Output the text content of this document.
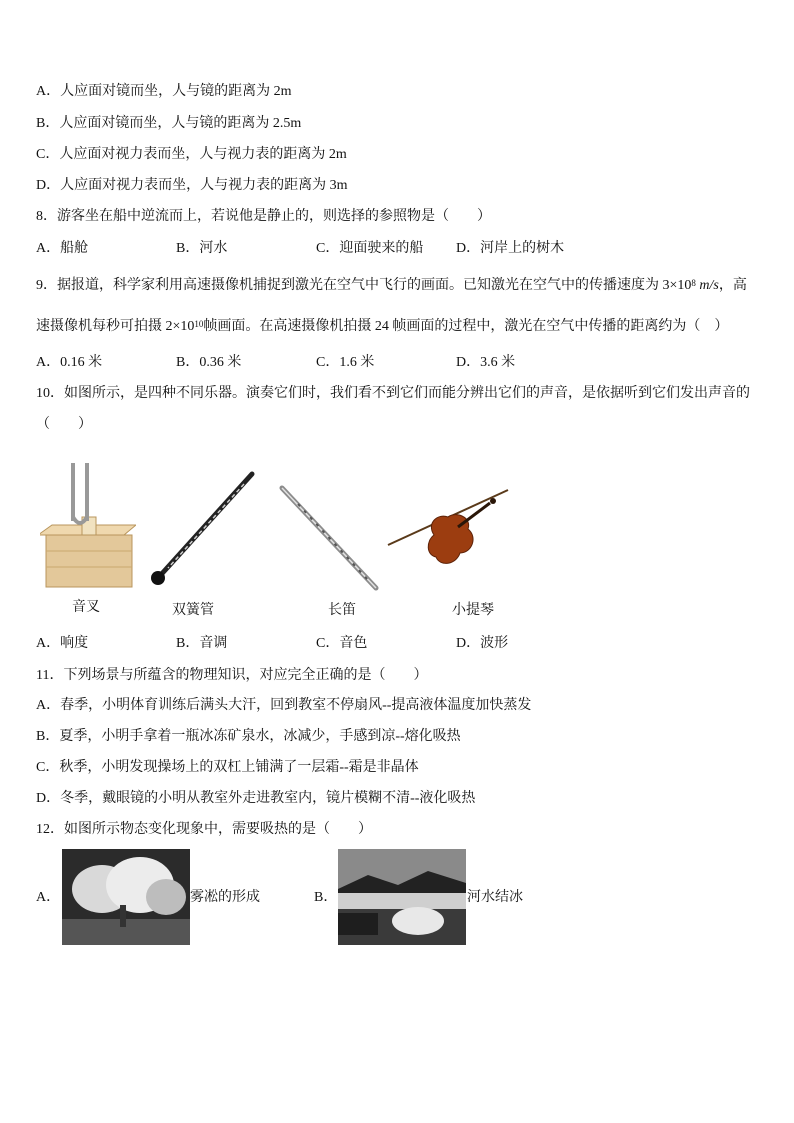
A．人应面对镜而坐，人与镜的距离为 2m
B．人应面对镜而坐，人与镜的距离为 2.5m
C．人应面对视力表而坐，人与视力表的距离为 2m
D．人应面对视力表而坐，人与视力表的距离为 3m
8．游客坐在船中逆流而上，若说他是静止的，则选择的参照物是（　　）
A．船舱	B．河水	C．迎面驶来的船 D．河岸上的树木
9．据报道，科学家利用高速摄像机捕捉到激光在空气中飞行的画面。已知激光在空气中的传播速度为 $3\times 10^8$ m/s，高
速摄像机每秒可拍摄 $2\times 10^{10}$帧画面。在高速摄像机拍摄 24 帧画面的过程中，激光在空气中传播的距离约为（　）
A．0.16 米	B．0.36 米	C．1.6 米	D．3.6 米
10．如图所示，是四种不同乐器。演奏它们时，我们看不到它们而能分辨出它们的声音，是依据听到它们发出声音的
（　　）
音叉	双簧管	长笛	小提琴
A．响度	B．音调	C．音色	D．波形
11．下列场景与所蕴含的物理知识，对应完全正确的是（　　）
A．春季，小明体育训练后满头大汗，回到教室不停扇风--提高液体温度加快蒸发
B．夏季，小明手拿着一瓶冰冻矿泉水，冰减少，手感到凉--熔化吸热
C．秋季，小明发现操场上的双杠上铺满了一层霜--霜是非晶体
D．冬季，戴眼镜的小明从教室外走进教室内，镜片模糊不清--液化吸热
12．如图所示物态变化现象中，需要吸热的是（　　）
A．	雾凇的形成	B．	河水结冰
